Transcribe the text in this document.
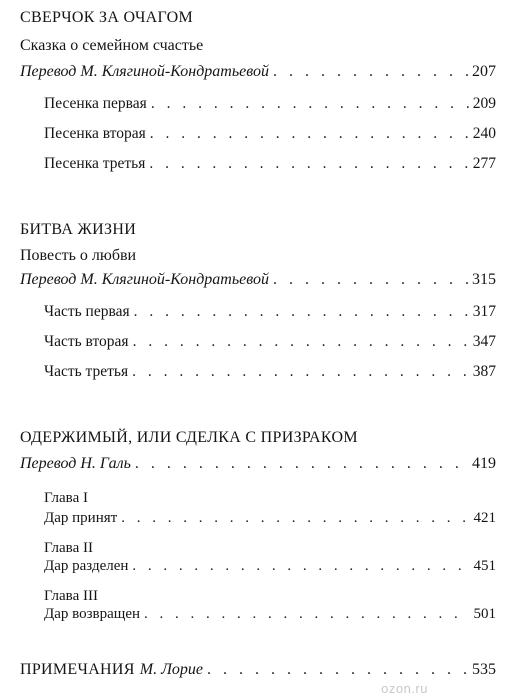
СВЕРЧОК ЗА ОЧАГОМ
Сказка о семейном счастье
Перевод М. Клягиной-Кондратьевой . . .	207
Песенка первая . . .	209
Песенка вторая . . .	240
Песенка третья . . .	277
БИТВА ЖИЗНИ
Повесть о любви
Перевод М. Клягиной-Кондратьевой . . .	315
Часть первая . . .	317
Часть вторая . . .	347
Часть третья . . .	387
ОДЕРЖИМЫЙ, ИЛИ СДЕЛКА С ПРИЗРАКОМ
Перевод Н. Галь . . .	419
Глава I
Дар принят . . .	421
Глава II
Дар разделен . . .	451
Глава III
Дар возвращен . . .	501
ПРИМЕЧАНИЯ М. Лорие . . .	535
ozon.ru
